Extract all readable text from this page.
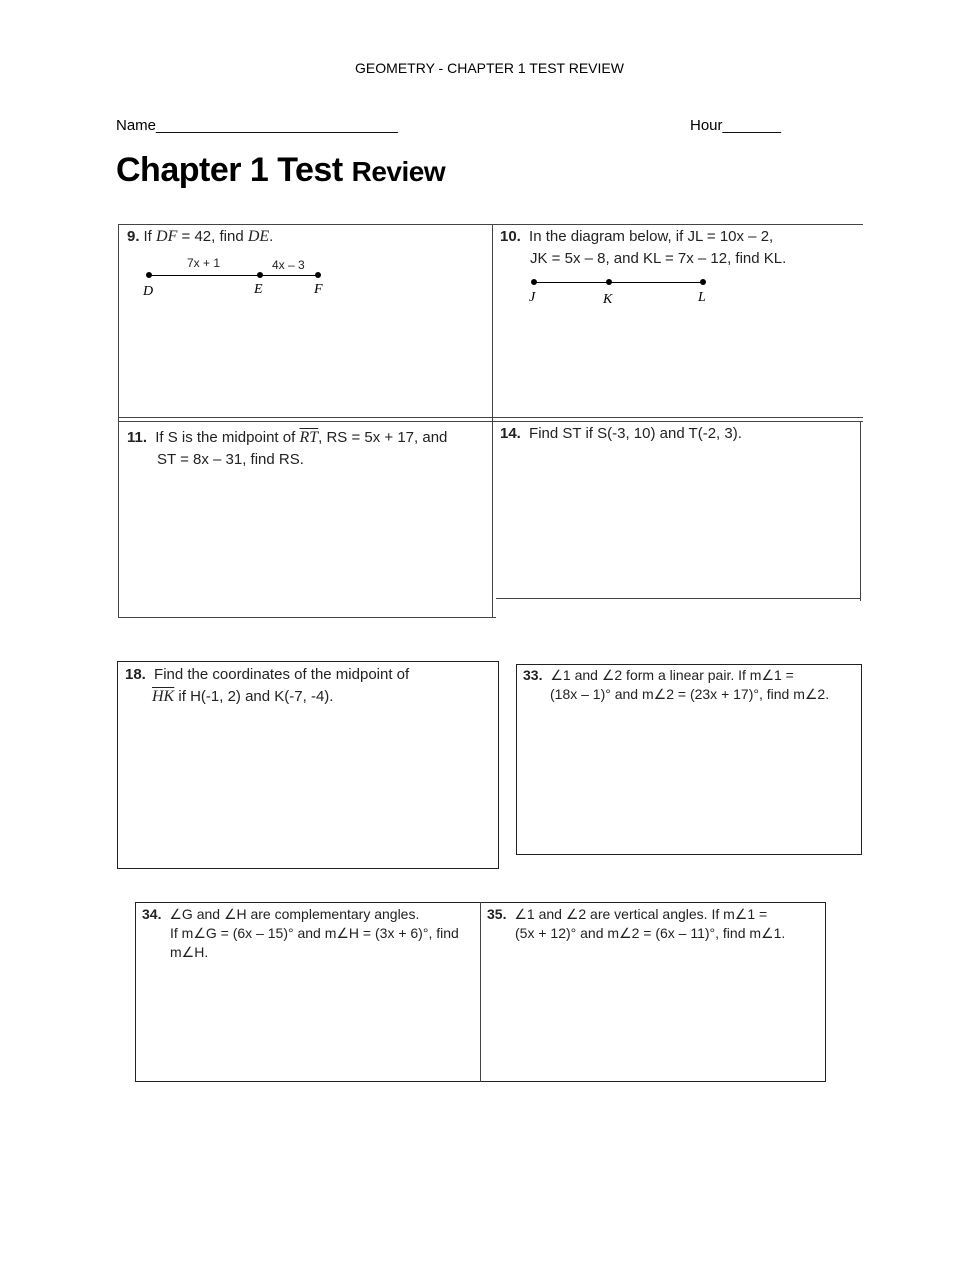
GEOMETRY - CHAPTER 1 TEST REVIEW
Name_____________________________	Hour_______
Chapter 1 Test Review
9. If DF = 42, find DE.
7x + 1	4x – 3
D	E	F
10. In the diagram below, if JL = 10x – 2,
JK = 5x – 8, and KL = 7x – 12, find KL.
J	K	L
11. If S is the midpoint of $\overline{RT}$, RS = 5x + 17, and
ST = 8x – 31, find RS.
14. Find ST if S(-3, 10) and T(-2, 3).
18. Find the coordinates of the midpoint of
$\overline{HK}$ if H(-1, 2) and K(-7, -4).
33. ∠1 and ∠2 form a linear pair. If m∠1 =
(18x – 1)° and m∠2 = (23x + 17)°, find m∠2.
34. ∠G and ∠H are complementary angles.
If m∠G = (6x – 15)° and m∠H = (3x + 6)°, find
m∠H.
35. ∠1 and ∠2 are vertical angles. If m∠1 =
(5x + 12)° and m∠2 = (6x – 11)°, find m∠1.
